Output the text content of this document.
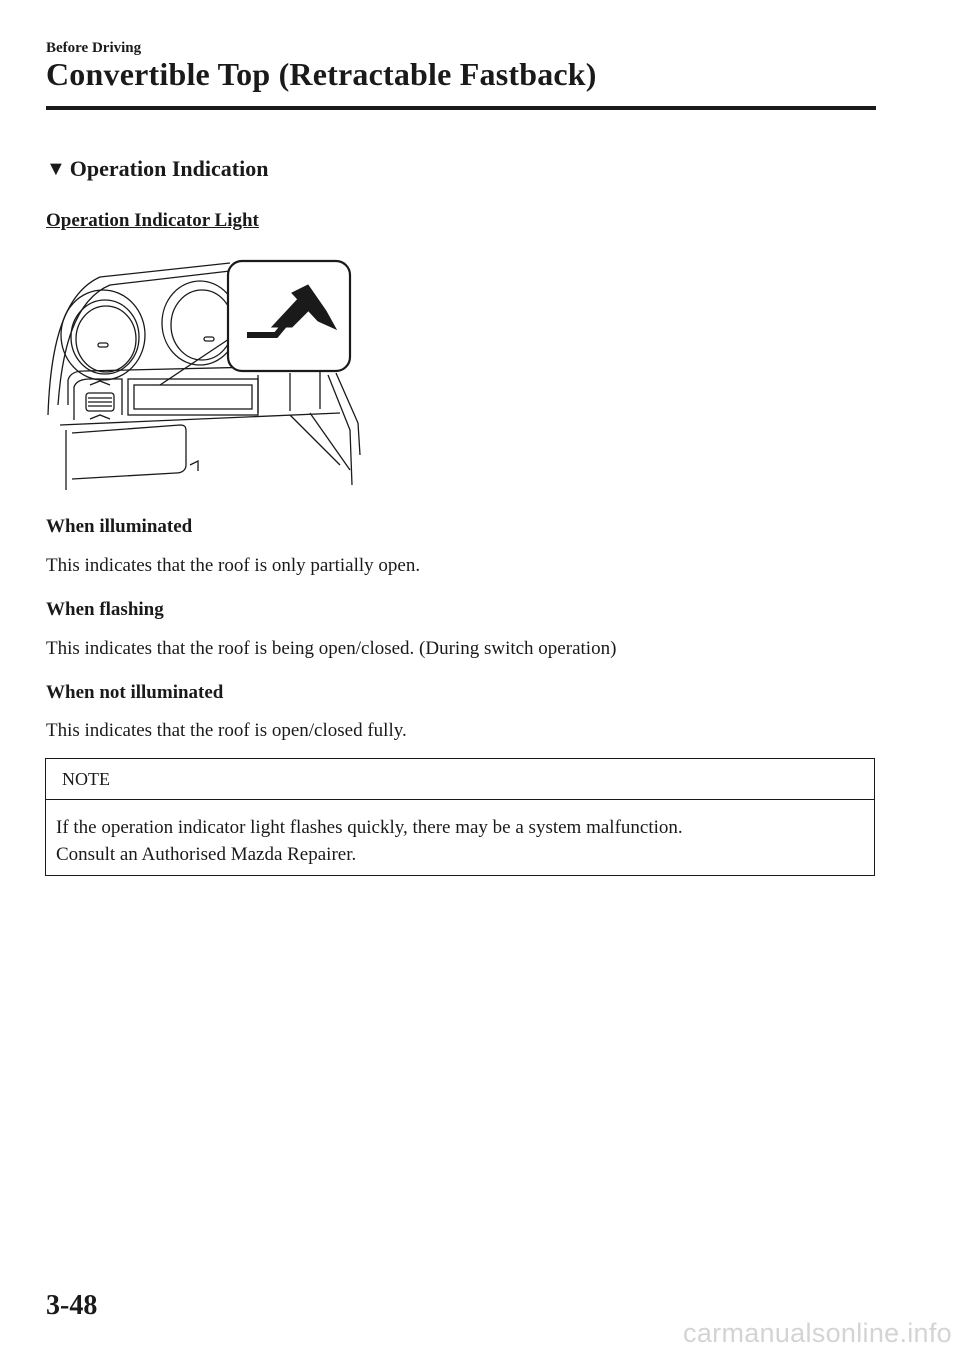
Before Driving
Convertible Top (Retractable Fastback)
▼ Operation Indication
Operation Indicator Light
When illuminated
This indicates that the roof is only partially open.
When flashing
This indicates that the roof is being open/closed. (During switch operation)
When not illuminated
This indicates that the roof is open/closed fully.
NOTE
If the operation indicator light flashes quickly, there may be a system malfunction.
Consult an Authorised Mazda Repairer.
3-48
carmanualsonline.info
